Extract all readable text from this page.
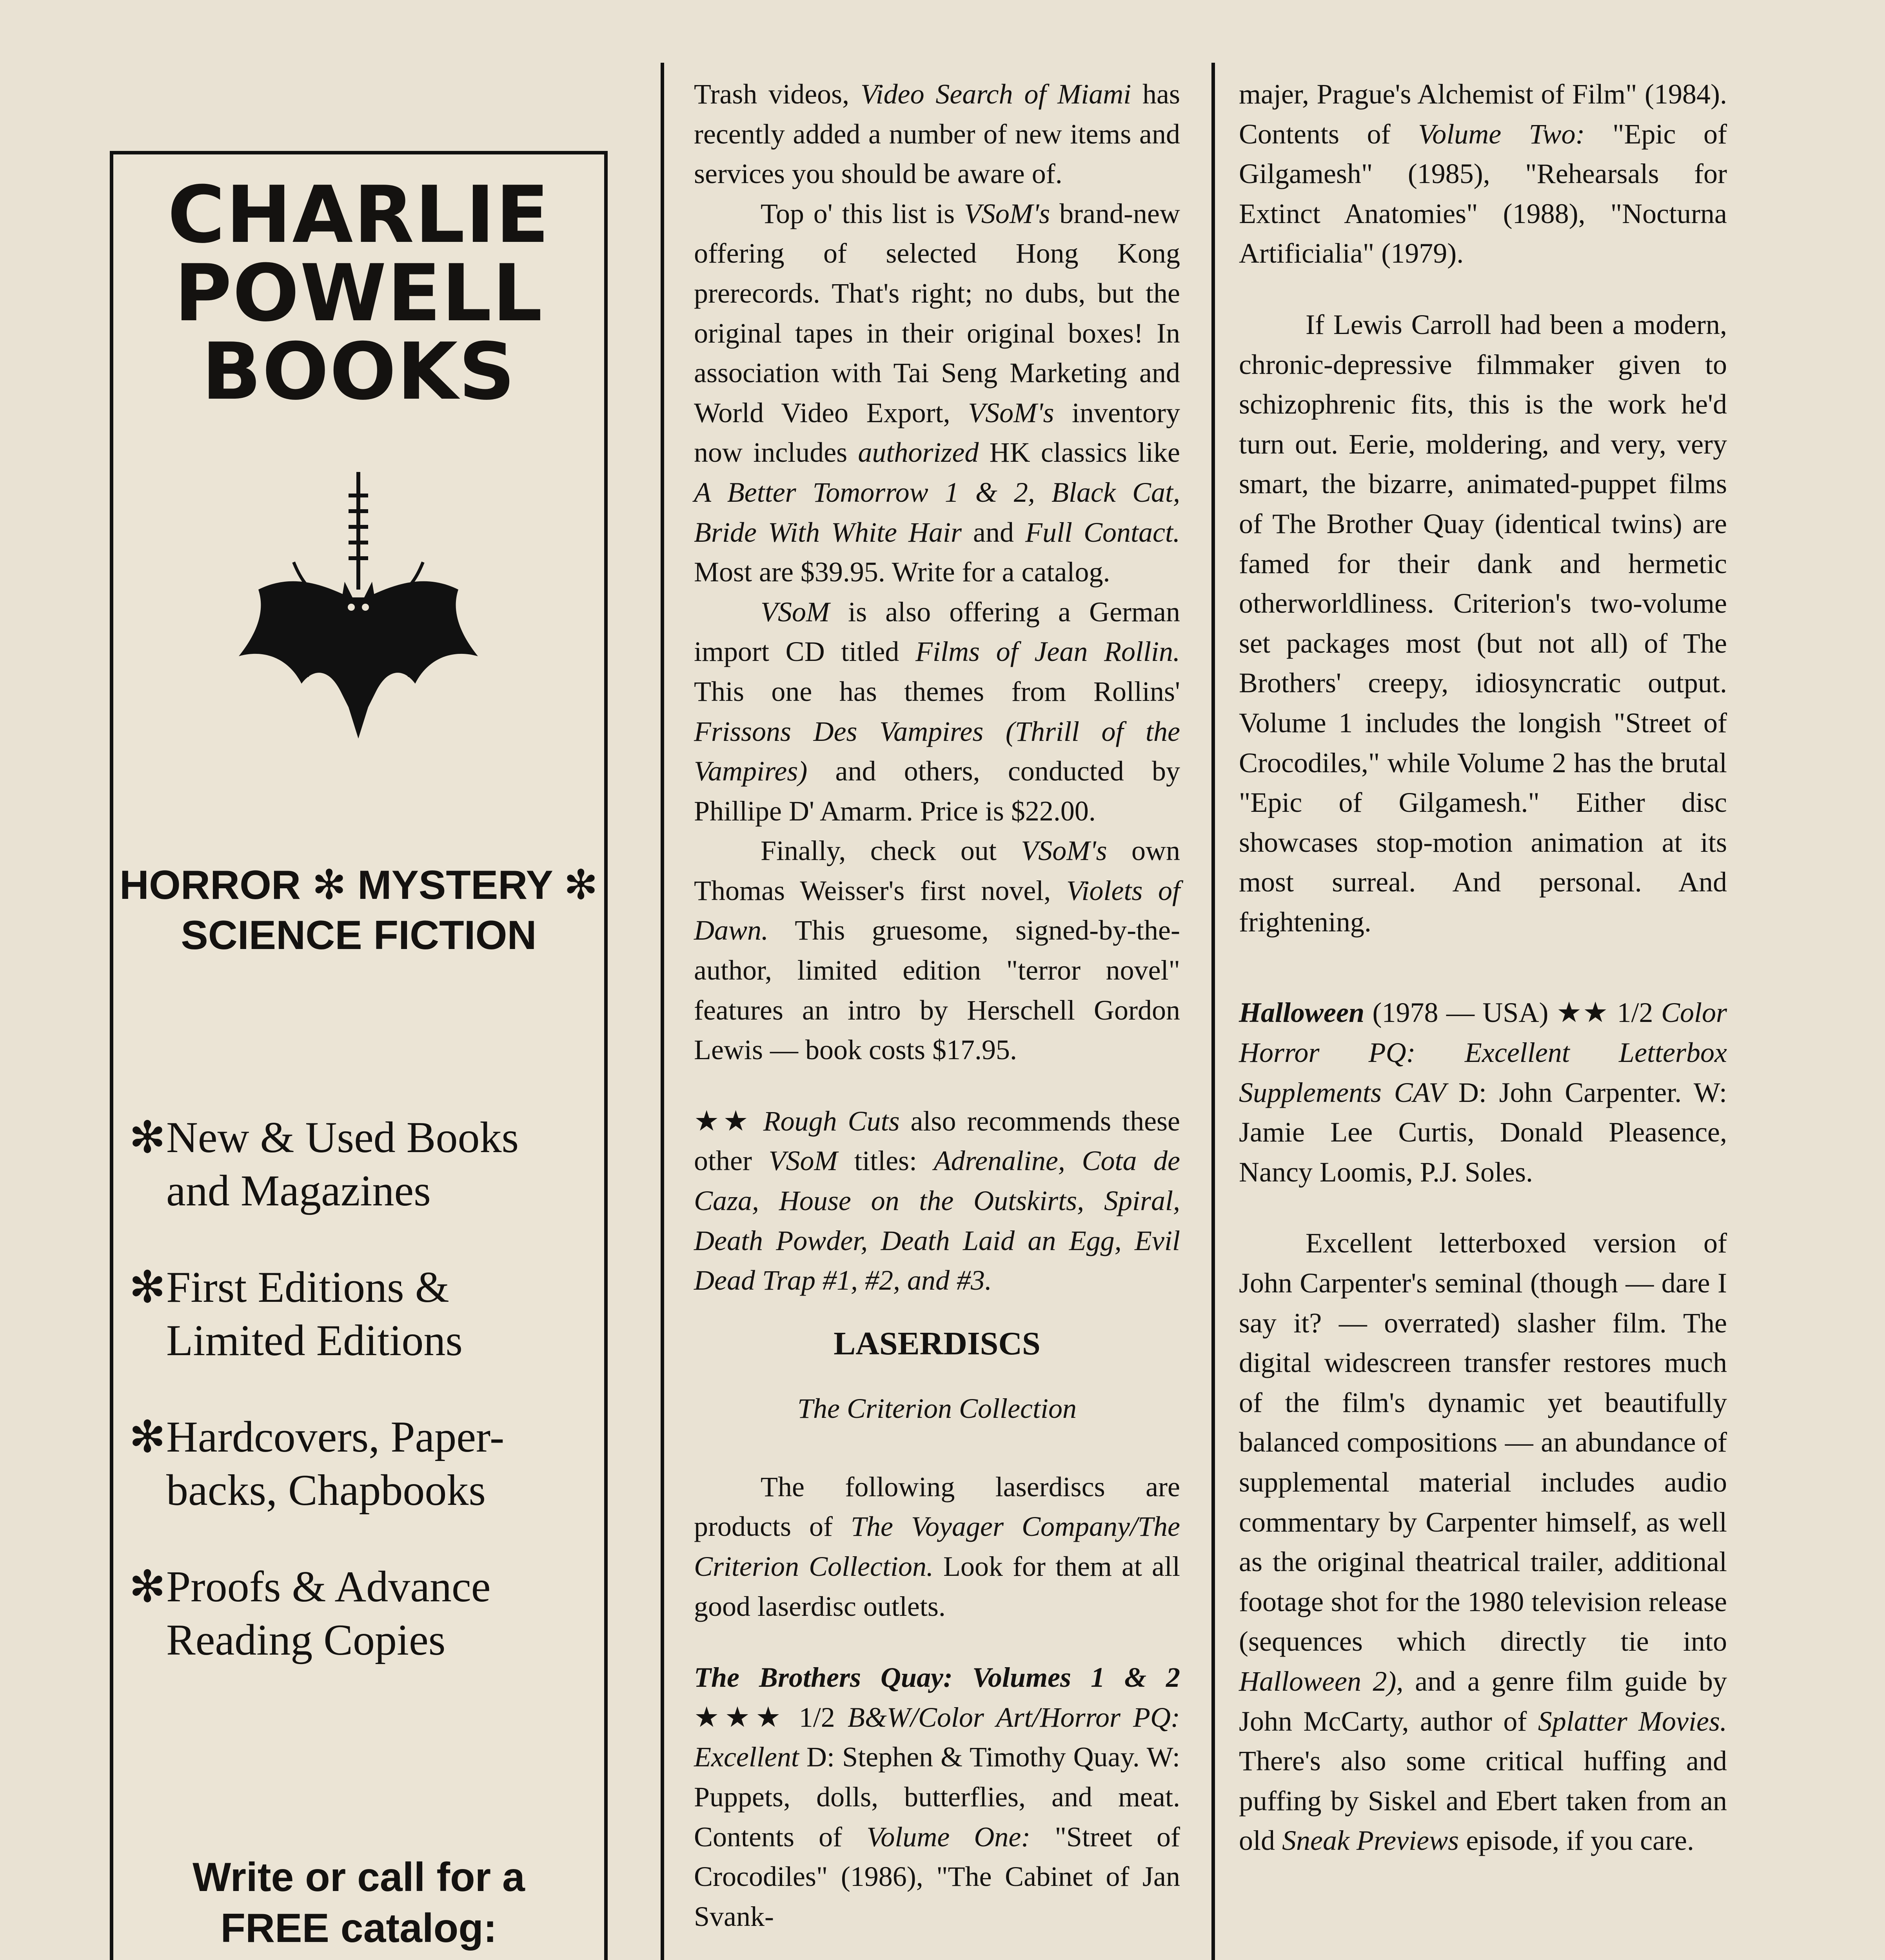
CHARLIE
POWELL
BOOKS
HORROR ✻ MYSTERY ✻
SCIENCE FICTION
✻ New & Used Books
and Magazines
✻ First Editions &
Limited Editions
✻ Hardcovers, Paper-
backs, Chapbooks
✻ Proofs & Advance
Reading Copies
Write or call for a
FREE catalog:

Trash videos, Video Search of Miami has recently added a number of new items and services you should be aware of.

Top o' this list is VSoM's brand-new offering of selected Hong Kong prerecords. That's right; no dubs, but the original tapes in their original boxes! In association with Tai Seng Marketing and World Video Export, VSoM's inventory now includes authorized HK classics like A Better Tomorrow 1 & 2, Black Cat, Bride With White Hair and Full Contact. Most are $39.95. Write for a catalog.

VSoM is also offering a German import CD titled Films of Jean Rollin. This one has themes from Rollins' Frissons Des Vampires (Thrill of the Vampires) and others, conducted by Phillipe D' Amarm. Price is $22.00.

Finally, check out VSoM's own Thomas Weisser's first novel, Violets of Dawn. This gruesome, signed-by-the-author, limited edition "terror novel" features an intro by Herschell Gordon Lewis — book costs $17.95.

★★ Rough Cuts also recommends these other VSoM titles: Adrenaline, Cota de Caza, House on the Outskirts, Spiral, Death Powder, Death Laid an Egg, Evil Dead Trap #1, #2, and #3.

LASERDISCS
The Criterion Collection

The following laserdiscs are products of The Voyager Company/The Criterion Collection. Look for them at all good laserdisc outlets.

The Brothers Quay: Volumes 1 & 2 ★★★ 1/2 B&W/Color Art/Horror PQ: Excellent D: Stephen & Timothy Quay. W: Puppets, dolls, butterflies, and meat. Contents of Volume One: "Street of Crocodiles" (1986), "The Cabinet of Jan Svank-

majer, Prague's Alchemist of Film" (1984). Contents of Volume Two: "Epic of Gilgamesh" (1985), "Rehearsals for Extinct Anatomies" (1988), "Nocturna Artificialia" (1979).

If Lewis Carroll had been a modern, chronic-depressive filmmaker given to schizophrenic fits, this is the work he'd turn out. Eerie, moldering, and very, very smart, the bizarre, animated-puppet films of The Brother Quay (identical twins) are famed for their dank and hermetic otherworldliness. Criterion's two-volume set packages most (but not all) of The Brothers' creepy, idiosyncratic output. Volume 1 includes the longish "Street of Crocodiles," while Volume 2 has the brutal "Epic of Gilgamesh." Either disc showcases stop-motion animation at its most surreal. And personal. And frightening.

Halloween (1978 — USA) ★★ 1/2 Color Horror PQ: Excellent Letterbox Supplements CAV D: John Carpenter. W: Jamie Lee Curtis, Donald Pleasence, Nancy Loomis, P.J. Soles.

Excellent letterboxed version of John Carpenter's seminal (though — dare I say it? — overrated) slasher film. The digital widescreen transfer restores much of the film's dynamic yet beautifully balanced compositions — an abundance of supplemental material includes audio commentary by Carpenter himself, as well as the original theatrical trailer, additional footage shot for the 1980 television release (sequences which directly tie into Halloween 2), and a genre film guide by John McCarty, author of Splatter Movies. There's also some critical huffing and puffing by Siskel and Ebert taken from an old Sneak Previews episode, if you care.
